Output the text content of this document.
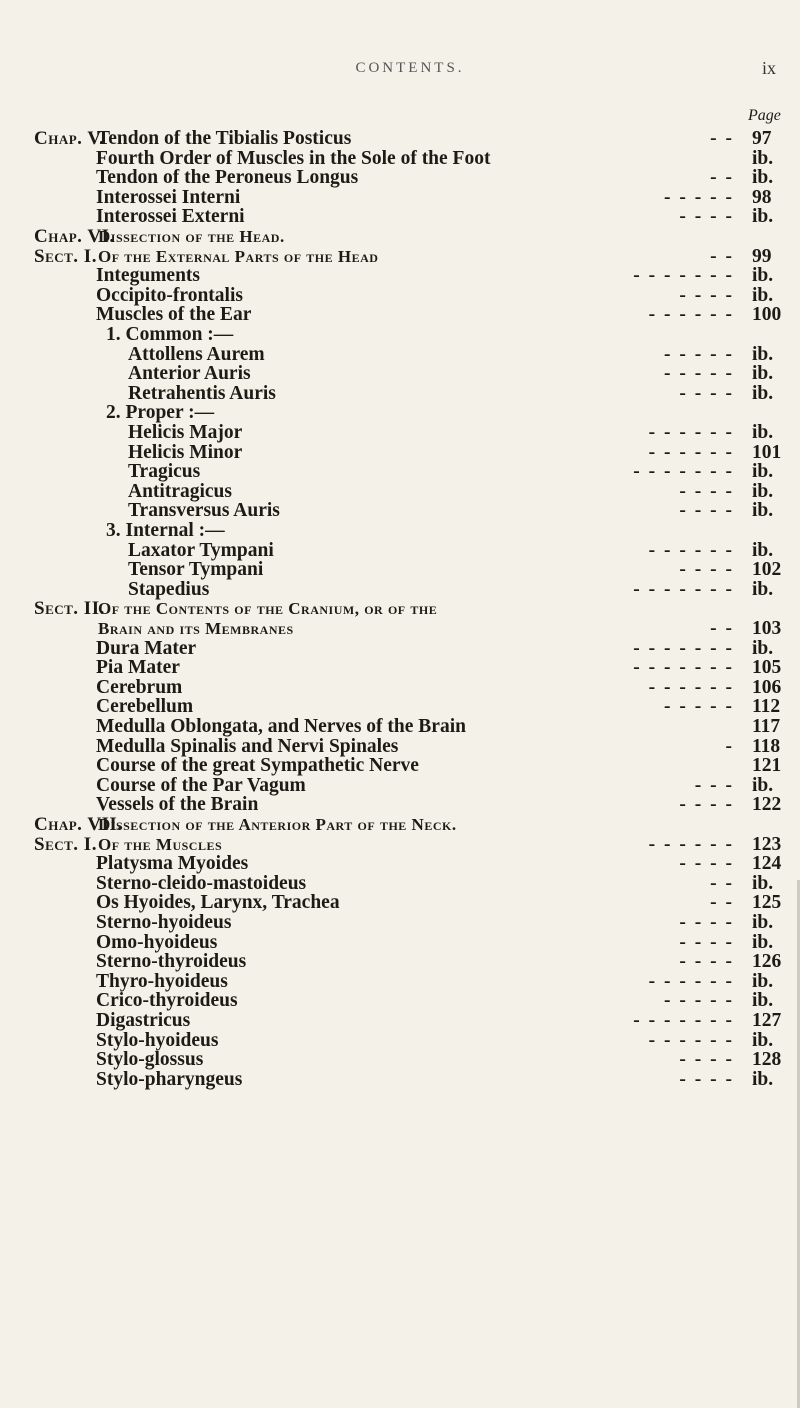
CONTENTS.	ix
Page
Chap. V.
Tendon of the Tibialis Posticus	- - 97
Fourth Order of Muscles in the Sole of the Foot	ib.
Tendon of the Peroneus Longus	- - ib.
Interossei Interni	- - - - - 98
Interossei Externi	- - - - ib.
Chap. VI.
Dissection of the Head.
Sect. I. Of the External Parts of the Head	- - 99
Integuments	- - - - - - - ib.
Occipito-frontalis	- - - - ib.
Muscles of the Ear	- - - - - - 100
1. Common :—
Attollens Aurem	- - - - - ib.
Anterior Auris	- - - - - ib.
Retrahentis Auris	- - - - ib.
2. Proper :—
Helicis Major	- - - - - - ib.
Helicis Minor	- - - - - - 101
Tragicus	- - - - - - - ib.
Antitragicus	- - - - ib.
Transversus Auris	- - - - ib.
3. Internal :—
Laxator Tympani	- - - - - - ib.
Tensor Tympani	- - - - 102
Stapedius	- - - - - - - ib.
Sect. II.
Of the Contents of the Cranium, or of the
Brain and its Membranes	- - 103
Dura Mater	- - - - - - - ib.
Pia Mater	- - - - - - - 105
Cerebrum	- - - - - - 106
Cerebellum	- - - - - 112
Medulla Oblongata, and Nerves of the Brain	117
Medulla Spinalis and Nervi Spinales	- 118
Course of the great Sympathetic Nerve	121
Course of the Par Vagum	- - - ib.
Vessels of the Brain	- - - - 122
Chap. VII.
Dissection of the Anterior Part of the Neck.
Sect. I. Of the Muscles	- - - - - - 123
Platysma Myoides	- - - - 124
Sterno-cleido-mastoideus	- - ib.
Os Hyoides, Larynx, Trachea	- - 125
Sterno-hyoideus	- - - - ib.
Omo-hyoideus	- - - - ib.
Sterno-thyroideus	- - - - 126
Thyro-hyoideus	- - - - - - ib.
Crico-thyroideus	- - - - - ib.
Digastricus	- - - - - - - 127
Stylo-hyoideus	- - - - - - ib.
Stylo-glossus	- - - - 128
Stylo-pharyngeus	- - - - ib.
